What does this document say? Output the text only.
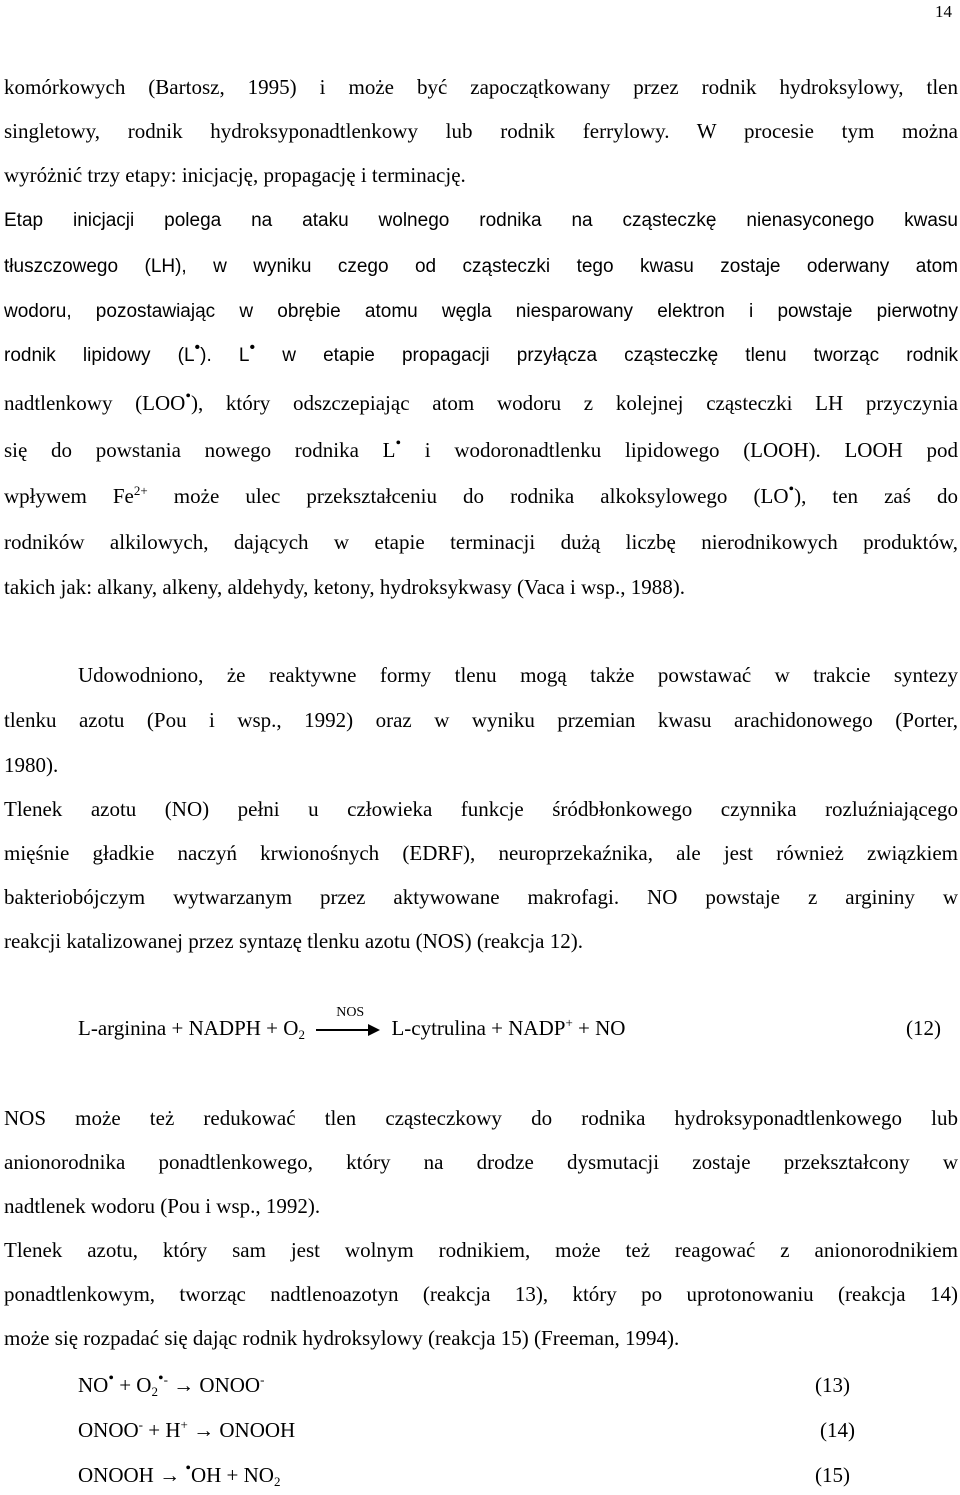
14
komórkowych (Bartosz, 1995) i może być zapoczątkowany przez rodnik hydroksylowy, tlen
singletowy, rodnik hydroksyponadtlenkowy lub rodnik ferrylowy. W procesie tym można
wyróżnić trzy etapy: inicjację, propagację i terminację.
Etap inicjacji polega na ataku wolnego rodnika na cząsteczkę nienasyconego kwasu
tłuszczowego (LH), w wyniku czego od cząsteczki tego kwasu zostaje oderwany atom
wodoru, pozostawiając w obrębie atomu węgla niesparowany elektron i powstaje pierwotny
rodnik lipidowy (L•). L• w etapie propagacji przyłącza cząsteczkę tlenu tworząc rodnik
nadtlenkowy (LOO•), który odszczepiając atom wodoru z kolejnej cząsteczki LH przyczynia
się do powstania nowego rodnika L• i wodoronadtlenku lipidowego (LOOH). LOOH pod
wpływem $Fe^{2+}$ może ulec przekształceniu do rodnika alkoksylowego (LO•), ten zaś do
rodników alkilowych, dających w etapie terminacji dużą liczbę nierodnikowych produktów,
takich jak: alkany, alkeny, aldehydy, ketony, hydroksykwasy (Vaca i wsp., 1988).
Udowodniono, że reaktywne formy tlenu mogą także powstawać w trakcie syntezy
tlenku azotu (Pou i wsp., 1992) oraz w wyniku przemian kwasu arachidonowego (Porter,
1980).
Tlenek azotu (NO) pełni u człowieka funkcje śródbłonkowego czynnika rozluźniającego
mięśnie gładkie naczyń krwionośnych (EDRF), neuroprzekaźnika, ale jest również związkiem
bakteriobójczym wytwarzanym przez aktywowane makrofagi. NO powstaje z argininy w
reakcji katalizowanej przez syntazę tlenku azotu (NOS) (reakcja 12).
L-arginina + NADPH + $O_2$
NOS
L-cytrulina + NADP+ + NO	(12)
NOS może też redukować tlen cząsteczkowy do rodnika hydroksyponadtlenkowego lub
anionorodnika ponadtlenkowego, który na drodze dysmutacji zostaje przekształcony w
nadtlenek wodoru (Pou i wsp., 1992).
Tlenek azotu, który sam jest wolnym rodnikiem, może też reagować z anionorodnikiem
ponadtlenkowym, tworząc nadtlenoazotyn (reakcja 13), który po uprotonowaniu (reakcja 14)
może się rozpadać się dając rodnik hydroksylowy (reakcja 15) (Freeman, 1994).
$NO^• + O_2^{•-}$ → ONOO-	(13)
ONOO- + H+ → ONOOH	(14)
ONOOH → $^•OH + NO_2$	(15)
